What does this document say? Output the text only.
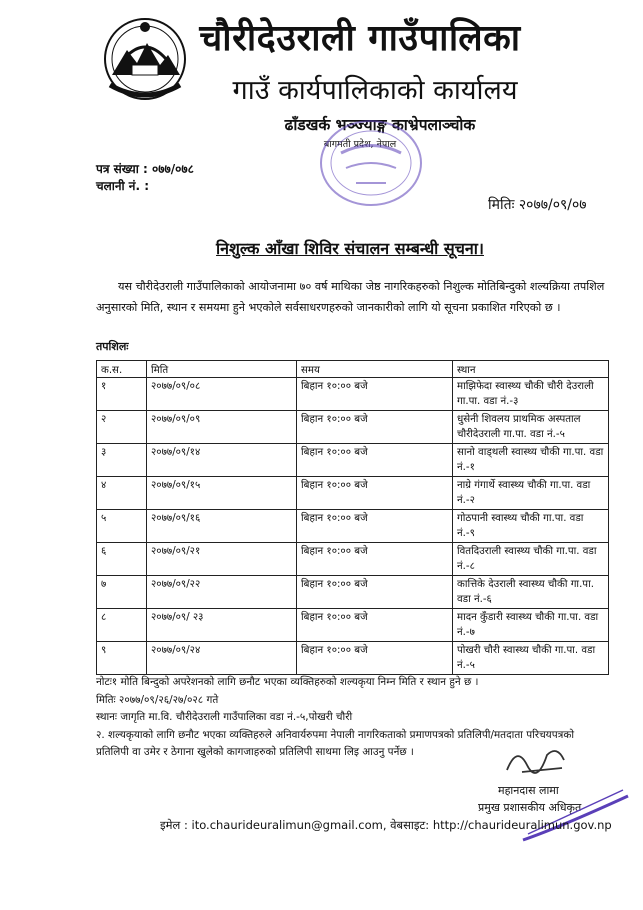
चौरीदेउराली गाउँपालिका
गाउँ कार्यपालिकाको कार्यालय
ढाँडखर्क भञ्ज्याङ्ग काभ्रेपलाञ्चोक
बागमती प्रदेश, नेपाल
पत्र संख्या : ०७७/०७८
चलानी नं. :
मितिः २०७७/०९/०७
निशुल्क आँखा शिविर संचालन सम्बन्धी सूचना।
यस चौरीदेउराली गाउँपालिकाको आयोजनामा ७० वर्ष माथिका जेष्ठ नागरिकहरुको निशुल्क मोतिबिन्दुको शल्यक्रिया तपशिल अनुसारको मिति, स्थान र समयमा हुने भएकोले सर्वसाधरणहरुको जानकारीको लागि यो सूचना प्रकाशित गरिएको छ ।
तपशिलः
क.स.	मिति	समय	स्थान
१	२०७७/०९/०८	बिहान १०:०० बजे	माझिफेदा स्वास्थ्य चौकी चौरी देउराली गा.पा. वडा नं.-३
२	२०७७/०९/०९	बिहान १०:०० बजे	धुसेनी शिवलय प्राथमिक अस्पताल चौरीदेउराली गा.पा. वडा नं.-५
३	२०७७/०९/१४	बिहान १०:०० बजे	सानो वाड्थली स्वास्थ्य चौकी गा.पा. वडा नं.-१
४	२०७७/०९/१५	बिहान १०:०० बजे	नाग्रे गंगार्थे स्वास्थ्य चौकी गा.पा. वडा नं.-२
५	२०७७/०९/१६	बिहान १०:०० बजे	गोठपानी स्वास्थ्य चौकी गा.पा. वडा नं.-९
६	२०७७/०९/२१	बिहान १०:०० बजे	वितदिउराली स्वास्थ्य चौकी गा.पा. वडा नं.-८
७	२०७७/०९/२२	बिहान १०:०० बजे	कात्तिके देउराली स्वास्थ्य चौकी गा.पा. वडा नं.-६
८	२०७७/०९/ २३	बिहान १०:०० बजे	मादन कुँडारी स्वास्थ्य चौकी गा.पा. वडा नं.-७
९	२०७७/०९/२४	बिहान १०:०० बजे	पोखरी चौरी स्वास्थ्य चौकी गा.पा. वडा नं.-५
नोटः१ मोति बिन्दुको अपरेशनको लागि छनौट भएका व्यक्तिहरुको शल्यकृया निम्न मिति र स्थान हुने छ ।
मितिः २०७७/०९/२६/२७/०२८ गते
स्थानः जागृति मा.वि. चौरीदेउराली गाउँपालिका वडा नं.-५,पोखरी चौरी
२. शल्यकृयाको लागि छनौट भएका व्यक्तिहरुले अनिवार्यरुपमा नेपाली नागरिकताको प्रमाणपत्रको प्रतिलिपी/मतदाता परिचयपत्रको
प्रतिलिपी वा उमेर र ठेगाना खुलेको कागजाहरुको प्रतिलिपी साथमा लिइ आउनु पर्नेछ ।
महानदास लामा
प्रमुख प्रशासकीय अधिकृत
इमेल : ito.chaurideuralimun@gmail.com, वेबसाइट: http://chaurideuralimun.gov.np
